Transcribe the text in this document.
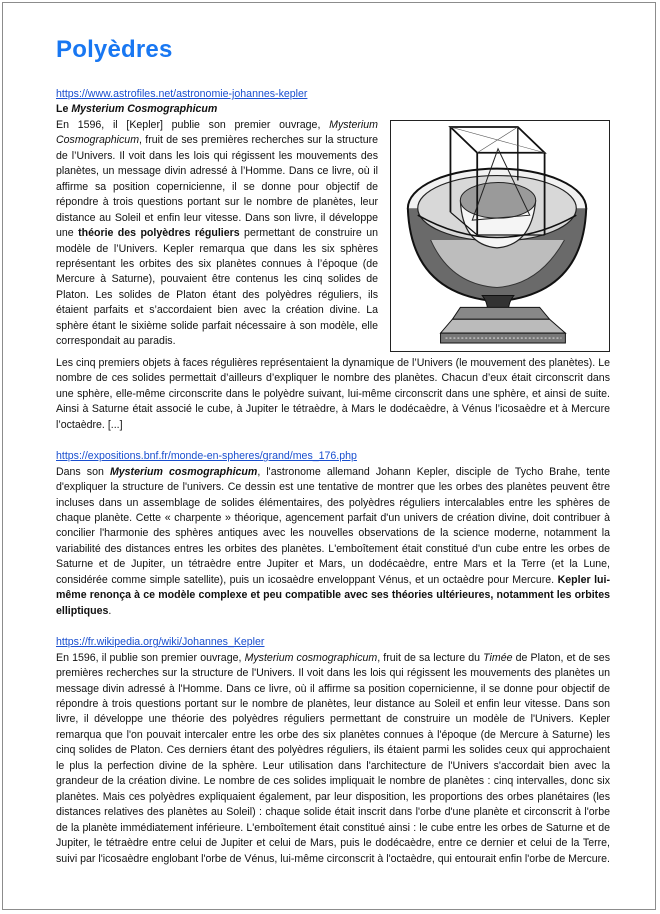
Polyèdres
https://www.astrofiles.net/astronomie-johannes-kepler
Le Mysterium Cosmographicum

En 1596, il [Kepler] publie son premier ouvrage, Mysterium Cosmographicum, fruit de ses premières recherches sur la structure de l’Univers. Il voit dans les lois qui régissent les mouvements des planètes, un message divin adressé à l’Homme. Dans ce livre, où il affirme sa position copernicienne, il se donne pour objectif de répondre à trois questions portant sur le nombre de planètes, leur distance au Soleil et enfin leur vitesse. Dans son livre, il développe une théorie des polyèdres réguliers permettant de construire un modèle de l’Univers. Kepler remarqua que dans les six sphères représentant les orbites des six planètes connues à l’époque (de Mercure à Saturne), pouvaient être contenus les cinq solides de Platon. Les solides de Platon étant des polyèdres réguliers, ils étaient parfaits et s’accordaient bien avec la création divine. La sphère étant le sixième solide parfait nécessaire à son modèle, elle correspondait au paradis.

Les cinq premiers objets à faces régulières représentaient la dynamique de l’Univers (le mouvement des planètes). Le nombre de ces solides permettait d’ailleurs d’expliquer le nombre des planètes. Chacun d’eux était circonscrit dans une sphère, elle-même circonscrite dans le polyèdre suivant, lui-même circonscrit dans une sphère, et ainsi de suite. Ainsi à Saturne était associé le cube, à Jupiter le tétraèdre, à Mars le dodécaèdre, à Vénus l’icosaèdre et à Mercure l’octaèdre. [...]

https://expositions.bnf.fr/monde-en-spheres/grand/mes_176.php

Dans son Mysterium cosmographicum, l'astronome allemand Johann Kepler, disciple de Tycho Brahe, tente d'expliquer la structure de l'univers. Ce dessin est une tentative de montrer que les orbes des planètes peuvent être incluses dans un assemblage de solides élémentaires, des polyèdres réguliers intercalables entre les sphères de chaque planète. Cette « charpente » théorique, agencement parfait d'un univers de création divine, doit contribuer à concilier l'harmonie des sphères antiques avec les nouvelles observations de la science moderne, notamment la variabilité des distances entres les orbites des planètes. L'emboîtement était constitué d'un cube entre les orbes de Saturne et de Jupiter, un tétraèdre entre Jupiter et Mars, un dodécaèdre, entre Mars et la Terre (et la Lune, considérée comme simple satellite), puis un icosaèdre enveloppant Vénus, et un octaèdre pour Mercure. Kepler lui-même renonça à ce modèle complexe et peu compatible avec ses théories ultérieures, notamment les orbites elliptiques.

https://fr.wikipedia.org/wiki/Johannes_Kepler

En 1596, il publie son premier ouvrage, Mysterium cosmographicum, fruit de sa lecture du Timée de Platon, et de ses premières recherches sur la structure de l'Univers. Il voit dans les lois qui régissent les mouvements des planètes un message divin adressé à l'Homme. Dans ce livre, où il affirme sa position copernicienne, il se donne pour objectif de répondre à trois questions portant sur le nombre de planètes, leur distance au Soleil et enfin leur vitesse. Dans son livre, il développe une théorie des polyèdres réguliers permettant de construire un modèle de l'Univers. Kepler remarqua que l'on pouvait intercaler entre les orbe des six planètes connues à l'époque (de Mercure à Saturne) les cinq solides de Platon. Ces derniers étant des polyèdres réguliers, ils étaient parmi les solides ceux qui approchaient le plus la perfection divine de la sphère. Leur utilisation dans l'architecture de l'Univers s'accordait bien avec la grandeur de la création divine. Le nombre de ces solides impliquait le nombre de planètes : cinq intervalles, donc six planètes. Mais ces polyèdres expliquaient également, par leur disposition, les proportions des orbes planétaires (les distances relatives des planètes au Soleil) : chaque solide était inscrit dans l'orbe d'une planète et circonscrit à l'orbe de la planète immédiatement inférieure. L'emboîtement était constitué ainsi : le cube entre les orbes de Saturne et de Jupiter, le tétraèdre entre celui de Jupiter et celui de Mars, puis le dodécaèdre, entre ce dernier et celui de la Terre, suivi par l'icosaèdre englobant l'orbe de Vénus, lui-même circonscrit à l'octaèdre, qui entourait enfin l'orbe de Mercure.
